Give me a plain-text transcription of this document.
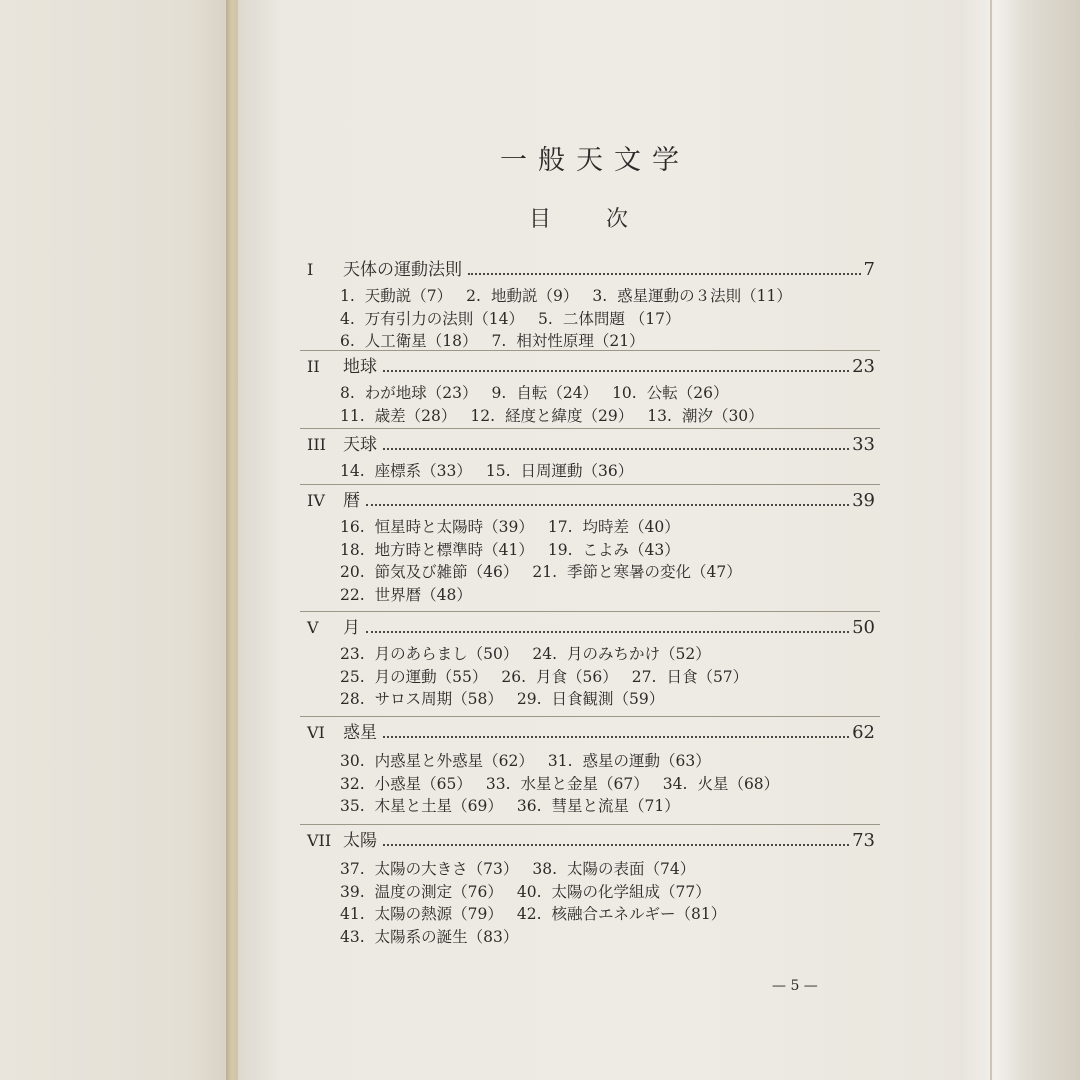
一般天文学
目 次
I	天体の運動法則	7
1. 天動説（7） 2. 地動説（9） 3. 惑星運動の３法則（11）
4. 万有引力の法則（14） 5. 二体問題 （17）
6. 人工衛星（18） 7. 相対性原理（21）
II	地球	23
8. わが地球（23） 9. 自転（24） 10. 公転（26）
11. 歳差（28） 12. 経度と緯度（29） 13. 潮汐（30）
III	天球	33
14. 座標系（33） 15. 日周運動（36）
IV	暦	39
16. 恒星時と太陽時（39） 17. 均時差（40）
18. 地方時と標準時（41） 19. こよみ（43）
20. 節気及び雑節（46） 21. 季節と寒暑の変化（47）
22. 世界暦（48）
V	月	50
23. 月のあらまし（50） 24. 月のみちかけ（52）
25. 月の運動（55） 26. 月食（56） 27. 日食（57）
28. サロス周期（58） 29. 日食観測（59）
VI	惑星	62
30. 内惑星と外惑星（62） 31. 惑星の運動（63）
32. 小惑星（65） 33. 水星と金星（67） 34. 火星（68）
35. 木星と土星（69） 36. 彗星と流星（71）
VII 太陽	73
37. 太陽の大きさ（73） 38. 太陽の表面（74）
39. 温度の測定（76） 40. 太陽の化学組成（77）
41. 太陽の熱源（79） 42. 核融合エネルギー（81）
43. 太陽系の誕生（83）
— 5 —
